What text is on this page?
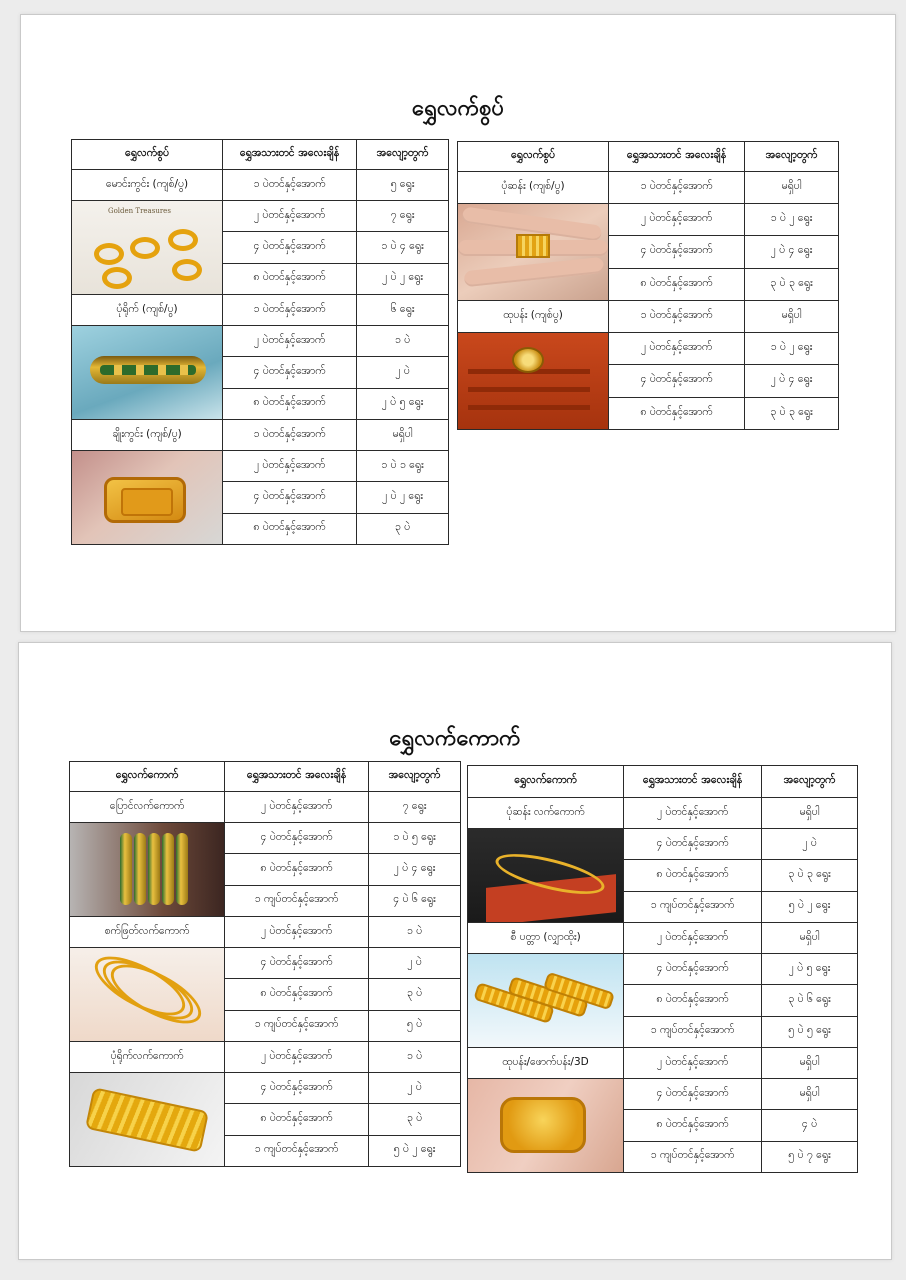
ရွှေလက်စွပ်
ရွှေလက်စွပ်	ရွှေအသားတင် အလေးချိန်	အလျော့တွက်
မောင်းကွင်း (ကျစ်/ပွ)	၁ ပဲတင်နှင့်အောက်	၅ ရွေး

Golden Treasures	၂ ပဲတင်နှင့်အောက်	၇ ရွေး
	၄ ပဲတင်နှင့်အောက်	၁ ပဲ ၄ ရွေး
	၈ ပဲတင်နှင့်အောက်	၂ ပဲ ၂ ရွေး
ပုံရိုက် (ကျစ်/ပွ)	၁ ပဲတင်နှင့်အောက်	၆ ရွေး

	၂ ပဲတင်နှင့်အောက်	၁ ပဲ
	၄ ပဲတင်နှင့်အောက်	၂ ပဲ
	၈ ပဲတင်နှင့်အောက်	၂ ပဲ ၅ ရွေး
ချိုးကွင်း (ကျစ်/ပွ)	၁ ပဲတင်နှင့်အောက်	မရှိပါ

	၂ ပဲတင်နှင့်အောက်	၁ ပဲ ၁ ရွေး
	၄ ပဲတင်နှင့်အောက်	၂ ပဲ ၂ ရွေး
	၈ ပဲတင်နှင့်အောက်	၃ ပဲ
ရွှေလက်စွပ်	ရွှေအသားတင် အလေးချိန်	အလျော့တွက်
ပုံဆန်း (ကျစ်/ပွ)	၁ ပဲတင်နှင့်အောက်	မရှိပါ

	၂ ပဲတင်နှင့်အောက်	၁ ပဲ ၂ ရွေး
	၄ ပဲတင်နှင့်အောက်	၂ ပဲ ၄ ရွေး
	၈ ပဲတင်နှင့်အောက်	၃ ပဲ ၃ ရွေး
ထုပန်း (ကျစ်ပွ)	၁ ပဲတင်နှင့်အောက်	မရှိပါ

	၂ ပဲတင်နှင့်အောက်	၁ ပဲ ၂ ရွေး
	၄ ပဲတင်နှင့်အောက်	၂ ပဲ ၄ ရွေး
	၈ ပဲတင်နှင့်အောက်	၃ ပဲ ၃ ရွေး
ရွှေလက်ကောက်
ရွှေလက်ကောက်	ရွှေအသားတင် အလေးချိန်	အလျော့တွက်
ပြောင်လက်ကောက်	၂ ပဲတင်နှင့်အောက်	၇ ရွေး

	၄ ပဲတင်နှင့်အောက်	၁ ပဲ ၅ ရွေး
	၈ ပဲတင်နှင့်အောက်	၂ ပဲ ၄ ရွေး
	၁ ကျပ်တင်နှင့်အောက်	၄ ပဲ ၆ ရွေး
စက်ဖြတ်လက်ကောက်	၂ ပဲတင်နှင့်အောက်	၁ ပဲ

	၄ ပဲတင်နှင့်အောက်	၂ ပဲ
	၈ ပဲတင်နှင့်အောက်	၃ ပဲ
	၁ ကျပ်တင်နှင့်အောက်	၅ ပဲ
ပုံရိုက်လက်ကောက်	၂ ပဲတင်နှင့်အောက်	၁ ပဲ

	၄ ပဲတင်နှင့်အောက်	၂ ပဲ
	၈ ပဲတင်နှင့်အောက်	၃ ပဲ
	၁ ကျပ်တင်နှင့်အောက်	၅ ပဲ ၂ ရွေး
ရွှေလက်ကောက်	ရွှေအသားတင် အလေးချိန်	အလျော့တွက်
ပုံဆန်း လက်ကောက်	၂ ပဲတင်နှင့်အောက်	မရှိပါ

	၄ ပဲတင်နှင့်အောက်	၂ ပဲ
	၈ ပဲတင်နှင့်အောက်	၃ ပဲ ၃ ရွေး
	၁ ကျပ်တင်နှင့်အောက်	၅ ပဲ ၂ ရွေး
စီ ပတ္တာ (လျှာထိုး)	၂ ပဲတင်နှင့်အောက်	မရှိပါ

	၄ ပဲတင်နှင့်အောက်	၂ ပဲ ၅ ရွေး
	၈ ပဲတင်နှင့်အောက်	၃ ပဲ ၆ ရွေး
	၁ ကျပ်တင်နှင့်အောက်	၅ ပဲ ၅ ရွေး
ထုပန်း/ဖောက်ပန်း/3D	၂ ပဲတင်နှင့်အောက်	မရှိပါ

	၄ ပဲတင်နှင့်အောက်	မရှိပါ
	၈ ပဲတင်နှင့်အောက်	၄ ပဲ
	၁ ကျပ်တင်နှင့်အောက်	၅ ပဲ ၇ ရွေး
